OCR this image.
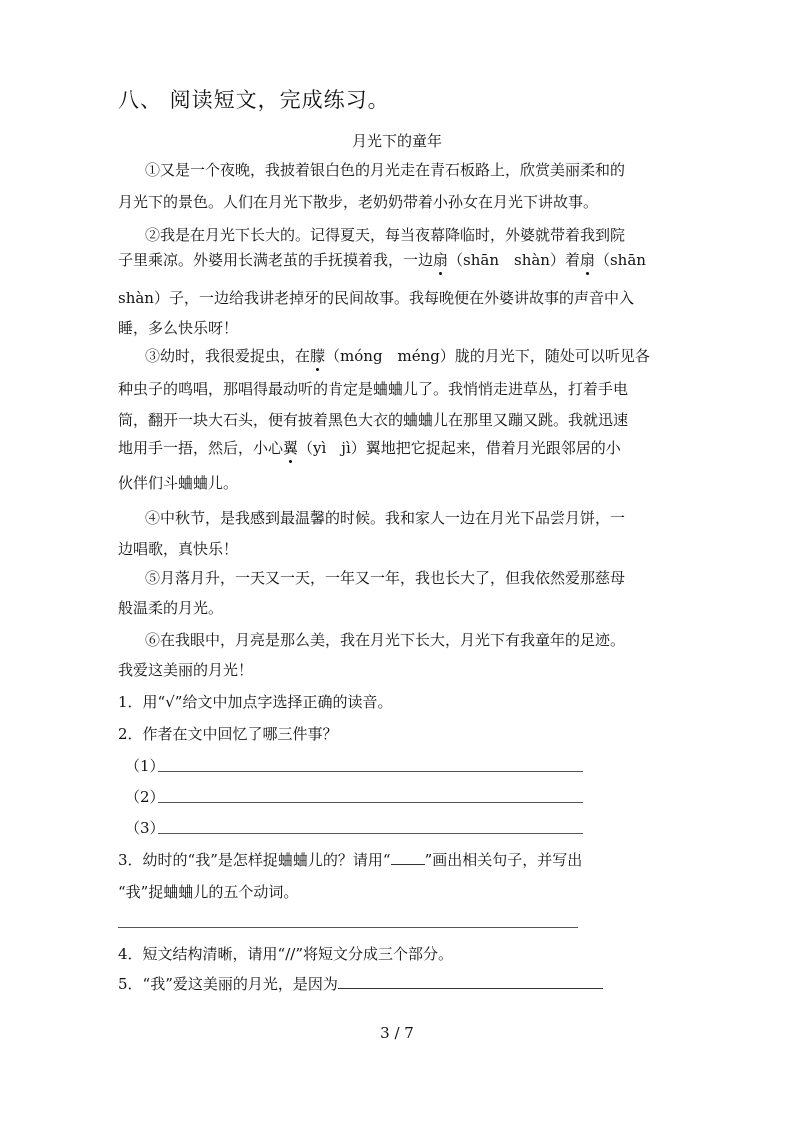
八、 阅读短文，完成练习。
月光下的童年
①又是一个夜晚，我披着银白色的月光走在青石板路上，欣赏美丽柔和的
月光下的景色。人们在月光下散步，老奶奶带着小孙女在月光下讲故事。
②我是在月光下长大的。记得夏天，每当夜幕降临时，外婆就带着我到院
子里乘凉。外婆用长满老茧的手抚摸着我，一边扇（shān　shàn）着扇（shān
shàn）子，一边给我讲老掉牙的民间故事。我每晚便在外婆讲故事的声音中入
睡，多么快乐呀！
③幼时，我很爱捉虫，在朦（móng　méng）胧的月光下，随处可以听见各
种虫子的鸣唱，那唱得最动听的肯定是蛐蛐儿了。我悄悄走进草丛，打着手电
筒，翻开一块大石头，便有披着黑色大衣的蛐蛐儿在那里又蹦又跳。我就迅速
地用手一捂，然后，小心翼（yì　jì）翼地把它捉起来，借着月光跟邻居的小
伙伴们斗蛐蛐儿。
④中秋节，是我感到最温馨的时候。我和家人一边在月光下品尝月饼，一
边唱歌，真快乐！
⑤月落月升，一天又一天，一年又一年，我也长大了，但我依然爱那慈母
般温柔的月光。
⑥在我眼中，月亮是那么美，我在月光下长大，月光下有我童年的足迹。
我爱这美丽的月光！
1．用“√”给文中加点字选择正确的读音。
2．作者在文中回忆了哪三件事？
（1）
（2）
（3）
3．幼时的“我”是怎样捉蛐蛐儿的？请用“ ”画出相关句子，并写出
“我”捉蛐蛐儿的五个动词。
4．短文结构清晰，请用“//”将短文分成三个部分。
5．“我”爱这美丽的月光，是因为
3 / 7
